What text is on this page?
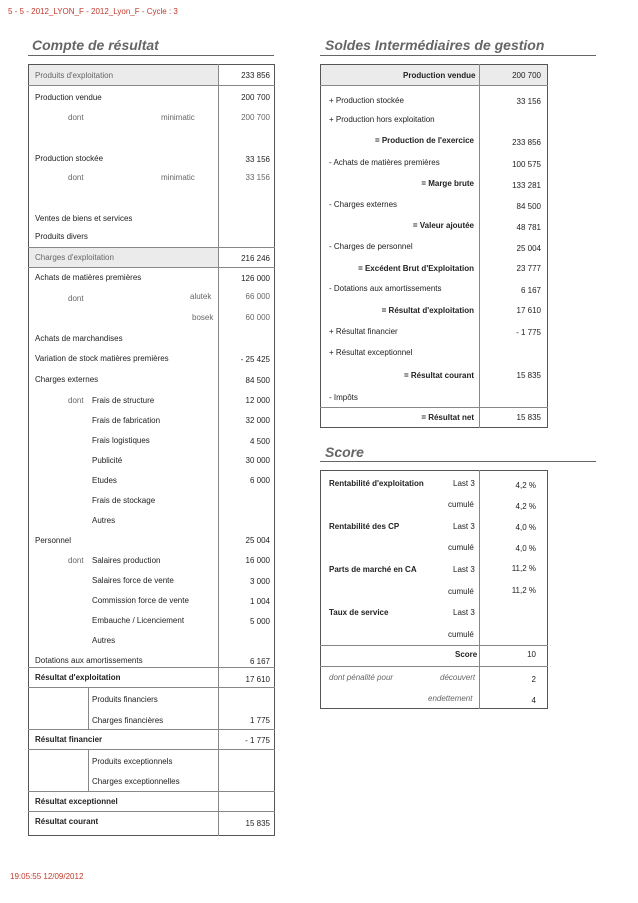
5 - 5 - 2012_LYON_F - 2012_Lyon_F - Cycle : 3
Compte de résultat	Soldes Intermédiaires de gestion
Produits d'exploitation	233 856
Production vendue	200 700
dont	minimatic	200 700
Production stockée	33 156
dont	minimatic	33 156
Ventes de biens et services
Produits divers
Charges d'exploitation	216 246
Achats de matières premières	126 000
dont	alutek	66 000
bosek	60 000
Achats de marchandises
Variation de stock matières premières	- 25 425
Charges externes	84 500
dont Frais de structure	12 000
Frais de fabrication	32 000
Frais logistiques	4 500
Publicité	30 000
Etudes	6 000
Frais de stockage
Autres
Personnel	25 004
dont Salaires production	16 000
Salaires force de vente	3 000
Commission force de vente	1 004
Embauche / Licenciement	5 000
Autres
Dotations aux amortissements	6 167
Résultat d'exploitation	17 610
Produits financiers
Charges financières	1 775
Résultat financier	- 1 775
Produits exceptionnels
Charges exceptionnelles
Résultat exceptionnel
Résultat courant	15 835
Production vendue	200 700
+ Production stockée	33 156
+ Production hors exploitation
= Production de l'exercice	233 856
- Achats de matières premières	100 575
= Marge brute	133 281
- Charges externes	84 500
= Valeur ajoutée	48 781
- Charges de personnel	25 004
= Excédent Brut d'Exploitation	23 777
- Dotations aux amortissements	6 167
= Résultat d'exploitation	17 610
+ Résultat financier	- 1 775
+ Résultat exceptionnel
= Résultat courant	15 835
- Impôts
= Résultat net	15 835
Score
Rentabilité d'exploitation	Last 3	4,2 %
cumulé	4,2 %
Rentabilité des CP	Last 3	4,0 %
cumulé	4,0 %
Parts de marché en CA	Last 3	11,2 %
cumulé	11,2 %
Taux de service	Last 3
cumulé
Score	10
dont pénalité pour	découvert	2
endettement	4
19:05:55 12/09/2012
